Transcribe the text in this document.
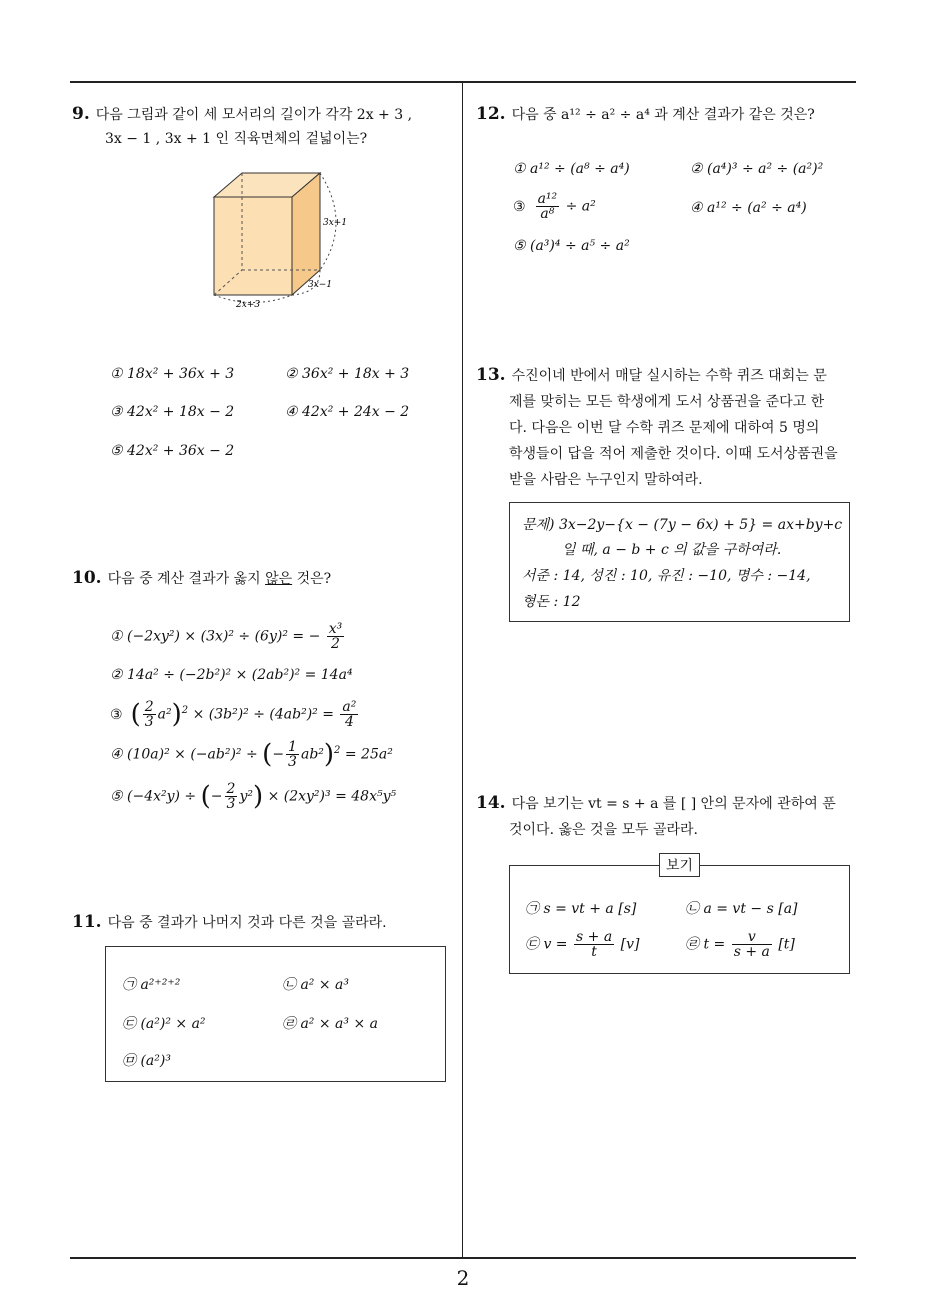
2
9. 다음 그림과 같이 세 모서리의 길이가 각각 2x + 3 ,
3x − 1 , 3x + 1 인 직육면체의 겉넓이는?
3x+1
3x−1
2x+3
① 18x² + 36x + 3	② 36x² + 18x + 3
③ 42x² + 18x − 2	④ 42x² + 24x − 2
⑤ 42x² + 36x − 2
10. 다음 중 계산 결과가 옳지 않은 것은?
① (−2xy²) × (3x)² ÷ (6y)² = − $\frac{\text{x³}}{2}$
② 14a² ÷ (−2b²)² × (2ab²)² = 14a⁴
③ ( $\frac{2}{3} a^2)^2 \times (3b^2)^2 \div (4ab^2)^2 = \frac{\text{a²}}{4}$
④ (10a)² × (−ab²)² ÷ (− $\frac{1}{3} ab^2)^2 = 25a^2$
⑤ (−4x²y) ÷ (− $\frac{2}{3} y^2) \times (2xy^2)^3 = 48x^5y^5$
11. 다음 중 결과가 나머지 것과 다른 것을 골라라.
㉠ a²⁺²⁺²	㉡ a² × a³
㉢ (a²)² × a²	㉣ a² × a³ × a
㉤ (a²)³
12. 다음 중 a¹² ÷ a² ÷ a⁴ 과 계산 결과가 같은 것은?
① a¹² ÷ (a⁸ ÷ a⁴)	② (a⁴)³ ÷ a² ÷ (a²)²
③ $\frac{\text{a¹²}}{\text{a⁸}} \div a^2$	④ a¹² ÷ (a² ÷ a⁴)
⑤ (a³)⁴ ÷ a⁵ ÷ a²
13. 수진이네 반에서 매달 실시하는 수학 퀴즈 대회는 문
제를 맞히는 모든 학생에게 도서 상품권을 준다고 한
다. 다음은 이번 달 수학 퀴즈 문제에 대하여 5 명의
학생들이 답을 적어 제출한 것이다. 이때 도서상품권을
받을 사람은 누구인지 말하여라.
문제) 3x−2y−{x − (7y − 6x) + 5} = ax+by+c
일 때, a − b + c 의 값을 구하여라.
서준 : 14, 성진 : 10, 유진 : −10, 명수 : −14,
형돈 : 12
14. 다음 보기는 vt = s + a 를 [ ] 안의 문자에 관하여 푼
것이다. 옳은 것을 모두 골라라.
보기
㉠ s = vt + a [s]	㉡ a = vt − s [a]
㉢ $v = \frac{s + a}{t} [v]$	㉣ $t = \frac{v}{s + a} [t]$
